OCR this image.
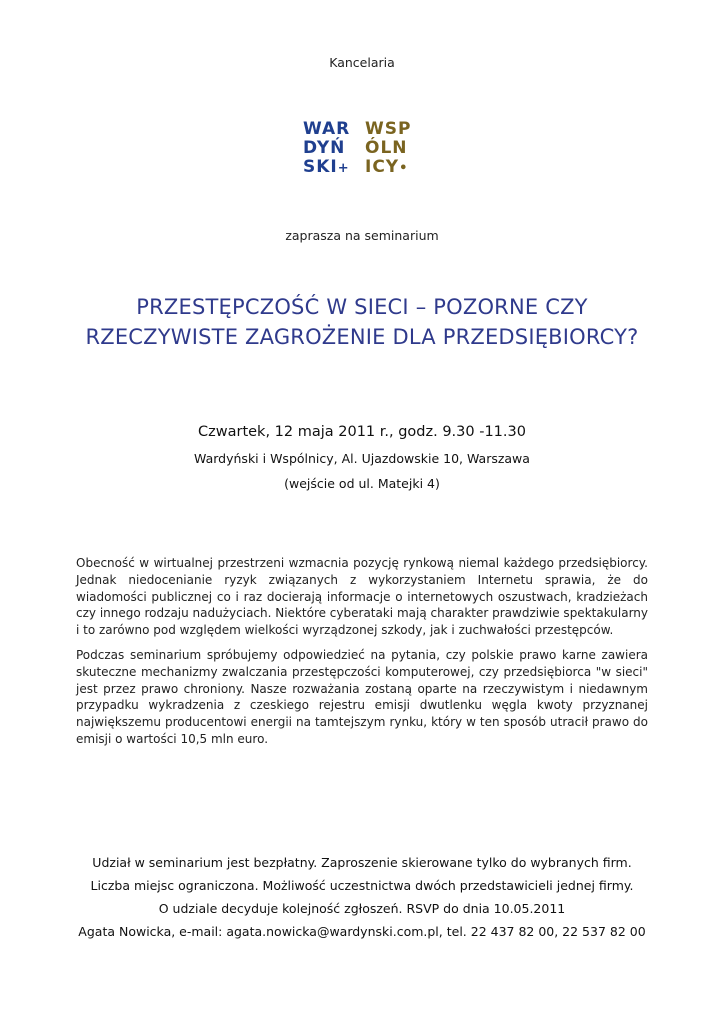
Kancelaria
WAR
DYŃ
SKI+
WSP
ÓLN
ICY•
zaprasza na seminarium
PRZESTĘPCZOŚĆ W SIECI – POZORNE CZY
RZECZYWISTE ZAGROŻENIE DLA PRZEDSIĘBIORCY?
Czwartek, 12 maja 2011 r., godz. 9.30 -11.30
Wardyński i Wspólnicy, Al. Ujazdowskie 10, Warszawa
(wejście od ul. Matejki 4)

Obecność w wirtualnej przestrzeni wzmacnia pozycję rynkową niemal każdego przedsiębiorcy. Jednak niedocenianie ryzyk związanych z wykorzystaniem Internetu sprawia, że do wiadomości publicznej co i raz docierają informacje o internetowych oszustwach, kradzieżach czy innego rodzaju nadużyciach. Niektóre cyberataki mają charakter prawdziwie spektakularny i to zarówno pod względem wielkości wyrządzonej szkody, jak i zuchwałości przestępców.

Podczas seminarium spróbujemy odpowiedzieć na pytania, czy polskie prawo karne zawiera skuteczne mechanizmy zwalczania przestępczości komputerowej, czy przedsiębiorca "w sieci" jest przez prawo chroniony. Nasze rozważania zostaną oparte na rzeczywistym i niedawnym przypadku wykradzenia z czeskiego rejestru emisji dwutlenku węgla kwoty przyznanej największemu producentowi energii na tamtejszym rynku, który w ten sposób utracił prawo do emisji o wartości 10,5 mln euro.

Udział w seminarium jest bezpłatny. Zaproszenie skierowane tylko do wybranych firm.
Liczba miejsc ograniczona. Możliwość uczestnictwa dwóch przedstawicieli jednej firmy.
O udziale decyduje kolejność zgłoszeń. RSVP do dnia 10.05.2011
Agata Nowicka, e-mail: agata.nowicka@wardynski.com.pl, tel. 22 437 82 00, 22 537 82 00
